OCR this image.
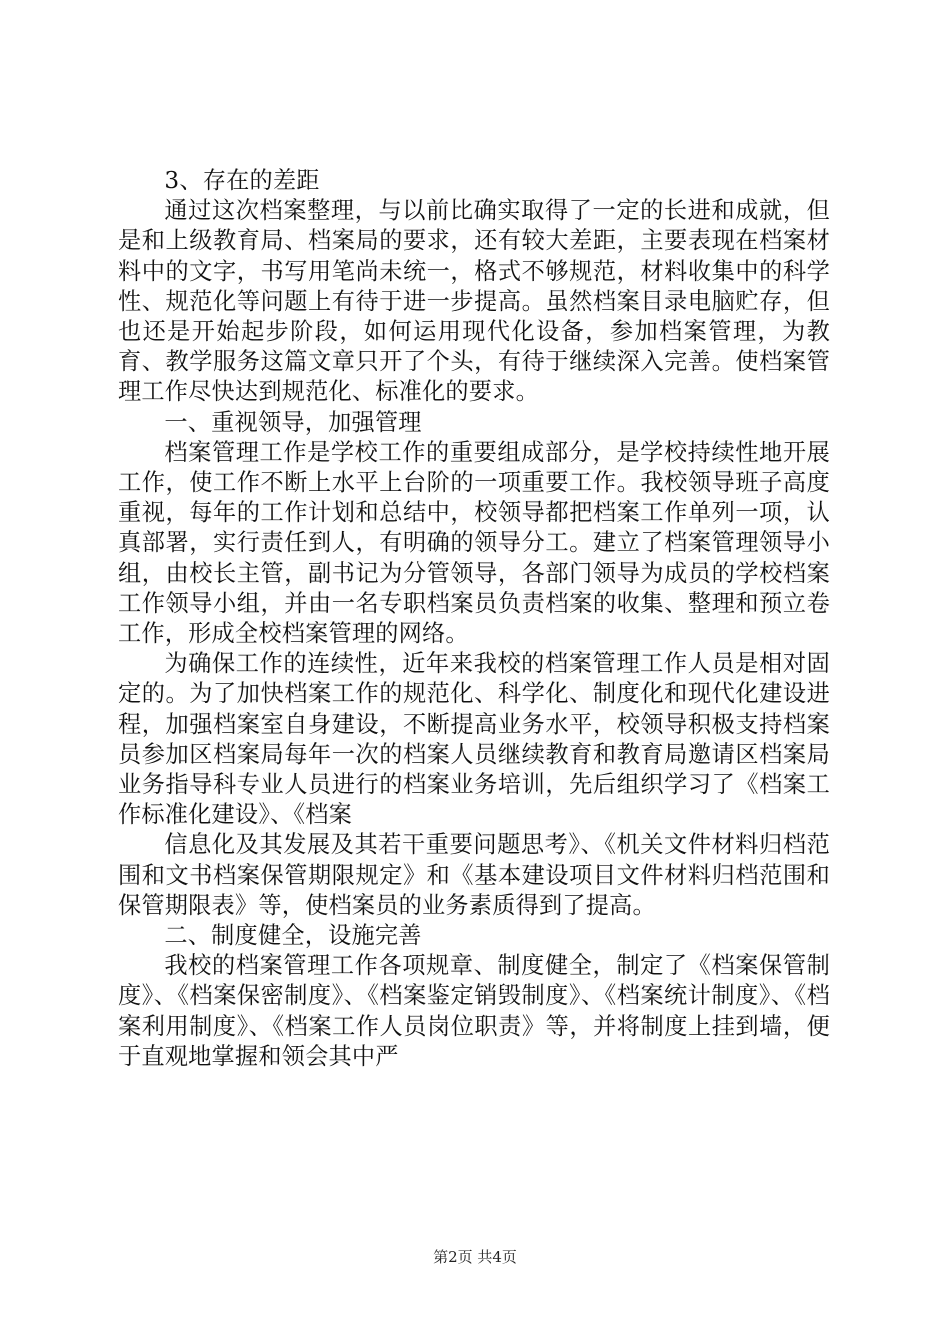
3、存在的差距

通过这次档案整理，与以前比确实取得了一定的长进和成就，但是和上级教育局、档案局的要求，还有较大差距，主要表现在档案材料中的文字，书写用笔尚未统一，格式不够规范，材料收集中的科学性、规范化等问题上有待于进一步提高。虽然档案目录电脑贮存，但也还是开始起步阶段，如何运用现代化设备，参加档案管理，为教育、教学服务这篇文章只开了个头，有待于继续深入完善。使档案管理工作尽快达到规范化、标准化的要求。

一、重视领导，加强管理

档案管理工作是学校工作的重要组成部分，是学校持续性地开展工作，使工作不断上水平上台阶的一项重要工作。我校领导班子高度重视，每年的工作计划和总结中，校领导都把档案工作单列一项，认真部署，实行责任到人，有明确的领导分工。建立了档案管理领导小组，由校长主管，副书记为分管领导，各部门领导为成员的学校档案工作领导小组，并由一名专职档案员负责档案的收集、整理和预立卷工作，形成全校档案管理的网络。

为确保工作的连续性，近年来我校的档案管理工作人员是相对固定的。为了加快档案工作的规范化、科学化、制度化和现代化建设进程，加强档案室自身建设，不断提高业务水平，校领导积极支持档案员参加区档案局每年一次的档案人员继续教育和教育局邀请区档案局业务指导科专业人员进行的档案业务培训，先后组织学习了《档案工作标准化建设》、《档案

信息化及其发展及其若干重要问题思考》、《机关文件材料归档范围和文书档案保管期限规定》和《基本建设项目文件材料归档范围和保管期限表》等，使档案员的业务素质得到了提高。

二、制度健全，设施完善

我校的档案管理工作各项规章、制度健全，制定了《档案保管制度》、《档案保密制度》、《档案鉴定销毁制度》、《档案统计制度》、《档案利用制度》、《档案工作人员岗位职责》等，并将制度上挂到墙，便于直观地掌握和领会其中严

第2页 共4页
